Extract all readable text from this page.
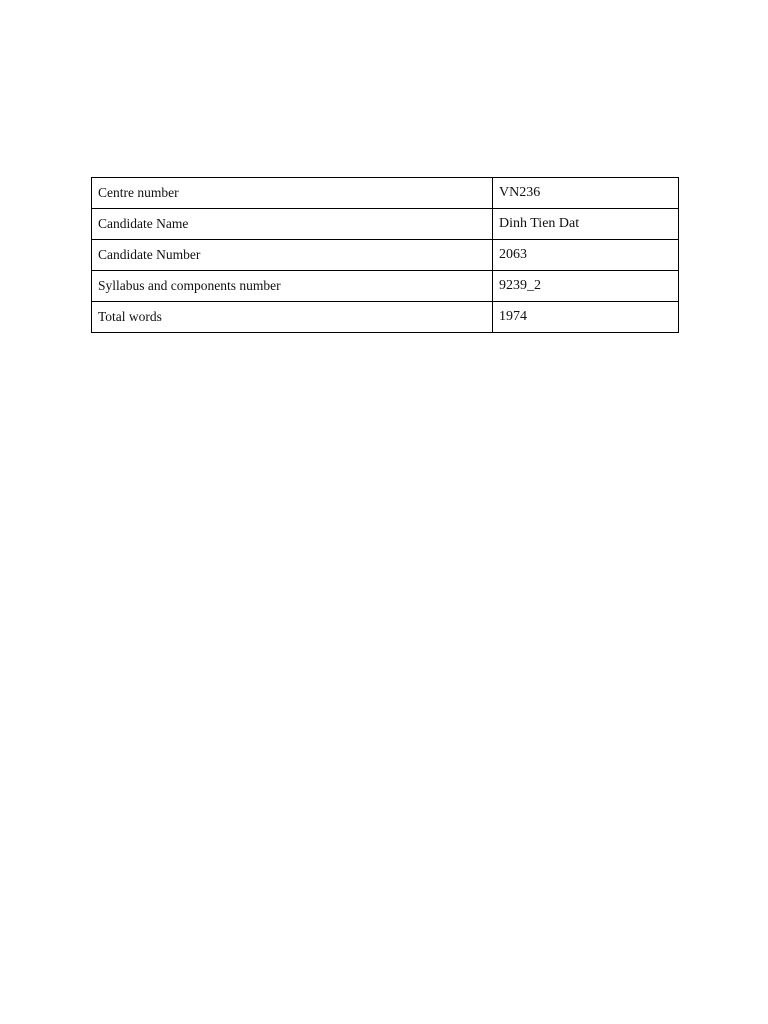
Centre number	VN236
Candidate Name	Dinh Tien Dat
Candidate Number	2063
Syllabus and components number	9239_2
Total words	1974
